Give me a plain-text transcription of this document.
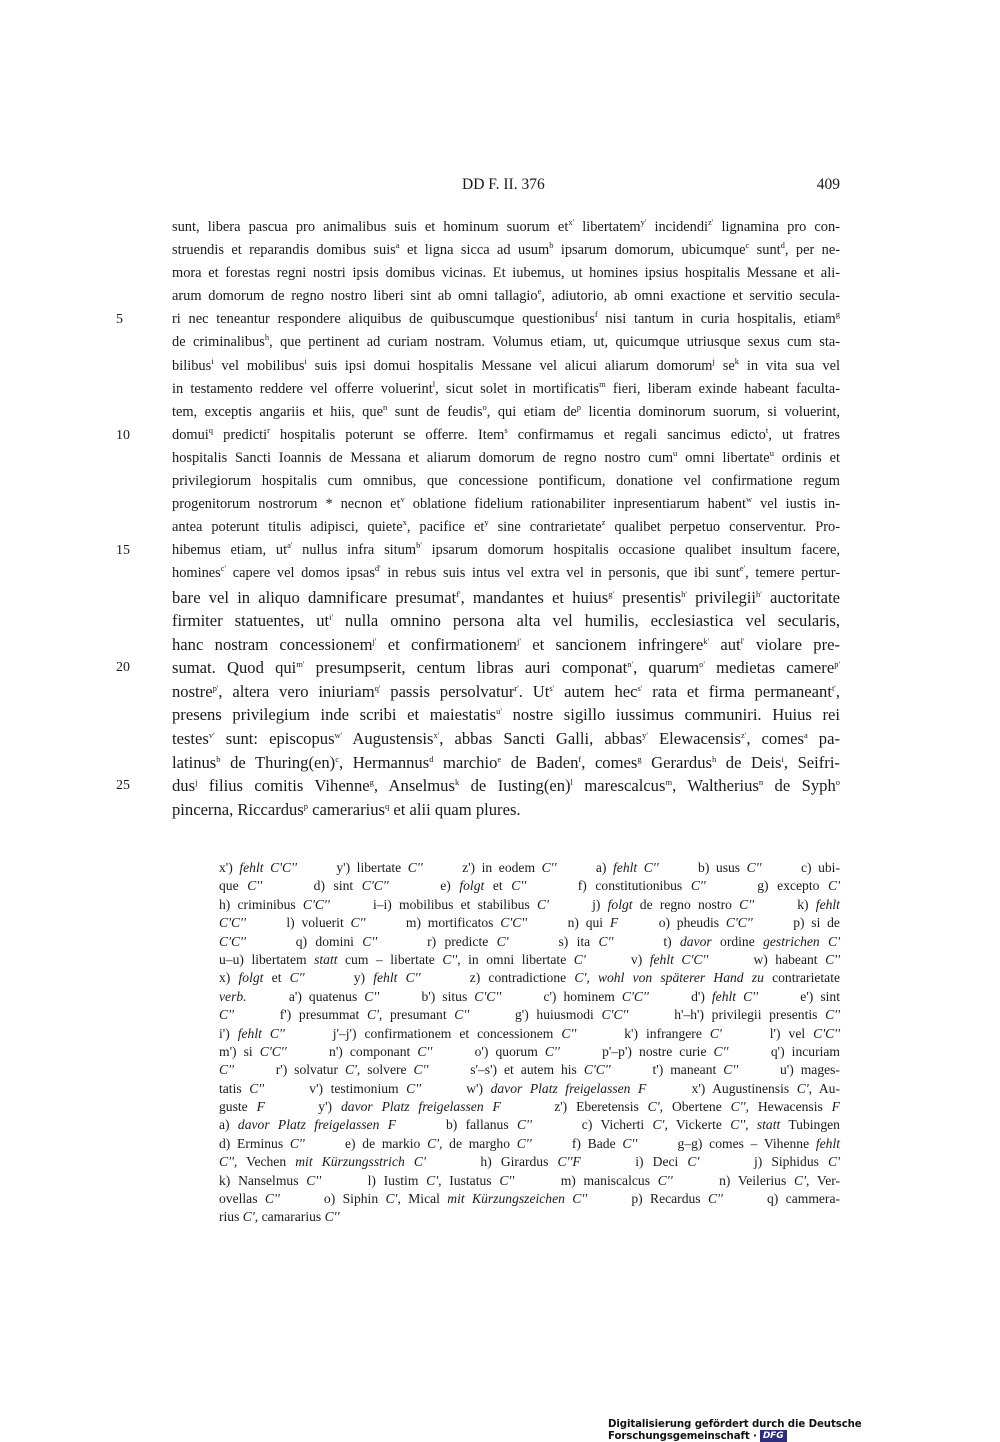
DD F. II. 376	409
sunt, libera pascua pro animalibus suis et hominum suorum $et^{x'}$ libertatem$^{y'}$ incidendi$^{z'}$ lignamina pro con-
struendis et reparandis domibus suis$^a$ et ligna sicca ad usum$^b$ ipsarum domorum, ubicumque$^c$ sunt$^d$, per ne-
mora et forestas regni nostri ipsis domibus vicinas. Et iubemus, ut homines ipsius hospitalis Messane et ali-
arum domorum de regno nostro liberi sint ab omni tallagio$^e$, adiutorio, ab omni exactione et servitio secula-
5	ri nec teneantur respondere aliquibus de quibuscumque questionibus$^f$ nisi tantum in curia hospitalis, etiam$^g$
de criminalibus$^h$, que pertinent ad curiam nostram. Volumus etiam, ut, quicumque utriusque sexus cum sta-
bilibus$^i$ vel mobilibus$^i$ suis ipsi domui hospitalis Messane vel alicui aliarum domorum$^j$ $se^k$ in vita sua vel
in testamento reddere vel offerre voluerint$^l$, sicut solet in mortificatis$^m$ fieri, liberam exinde habeant faculta-
tem, exceptis angariis et hiis, que$^n$ sunt de feudis$^o$, qui etiam $de^p$ licentia dominorum suorum, si voluerint,
10	domui$^q$ predicti$^r$ hospitalis poterunt se offerre. Item$^s$ confirmamus et regali sancimus edicto$^t$, ut fratres
hospitalis Sancti Ioannis de Messana et aliarum domorum de regno nostro cum$^u$ omni libertate$^u$ ordinis et
privilegiorum hospitalis cum omnibus, que concessione pontificum, donatione vel confirmatione regum
progenitorum nostrorum * necnon $et^v$ oblatione fidelium rationabiliter inpresentiarum habent$^w$ vel iustis in-
antea poterunt titulis adipisci, quiete$^x$, pacifice $et^y$ sine contrarietate$^z$ qualibet perpetuo conserventur. Pro-
15	hibemus etiam, $ut^{a'}$ nullus infra situm$^{b'}$ ipsarum domorum hospitalis occasione qualibet insultum facere,
homines$^{c'}$ capere vel domos ipsas$^{d'}$ in rebus suis intus vel extra vel in personis, que ibi sunt$^{e'}$, temere pertur-
bare vel in aliquo damnificare presumat$^{f'}$, mandantes et huius$^{g'}$ presentis$^{h'}$ privilegii$^{h'}$ auctoritate
firmiter statuentes, $ut^{i'}$ nulla omnino persona alta vel humilis, ecclesiastica vel secularis,
hanc nostram concessionem$^{j'}$ et confirmationem$^{j'}$ et sancionem infringere$^{k'}$ aut$^{l'}$ violare pre-
20	sumat. Quod qui$^{m'}$ presumpserit, centum libras auri componat$^{n'}$, quarum$^{o'}$ medietas camere$^{p'}$
nostre$^{p'}$, altera vero iniuriam$^{q'}$ passis persolvatur$^{r'}$. $Ut^{s'}$ autem hec$^{s'}$ rata et firma permaneant$^{t'}$,
presens privilegium inde scribi et maiestatis$^{u'}$ nostre sigillo iussimus communiri. Huius rei
testes$^{v'}$ sunt: episcopus$^{w'}$ Augustensis$^{x'}$, abbas Sancti Galli, abbas$^{y'}$ Elewacensis$^{z'}$, comes$^a$ pa-
latinus$^b$ de Thuring(en)$^c$, Hermannus$^d$ marchio$^e$ de Baden$^f$, comes$^g$ Gerardus$^h$ de Deis$^i$, Seifri-
25	dus$^j$ filius comitis Vihenne$^g$, Anselmus$^k$ de Iusting(en)$^l$ marescalcus$^m$, Waltherius$^n$ de Syph$^o$
pincerna, Riccardus$^p$ camerarius$^q$ et alii quam plures.
x') fehlt C'C''      y') libertate C''      z') in eodem C''      a) fehlt C''      b) usus C''      c) ubi-
que C''      d) sint C'C''      e) folgt et C''      f) constitutionibus C''      g) excepto C'
h) criminibus C'C''      i–i) mobilibus et stabilibus C'      j) folgt de regno nostro C''      k) fehlt
C'C''      l) voluerit C''      m) mortificatos C'C''      n) qui F      o) pheudis C'C''      p) si de
C'C''      q) domini C''      r) predicte C'      s) ita C''      t) davor ordine gestrichen C'
u–u) libertatem statt cum – libertate C'', in omni libertate C'      v) fehlt C'C''      w) habeant C''
x) folgt et C''      y) fehlt C''      z) contradictione C', wohl von späterer Hand zu contrarietate
verb.      a') quatenus C''      b') situs C'C''      c') hominem C'C''      d') fehlt C''      e') sint
C''      f') presummat C', presumant C''      g') huiusmodi C'C''      h'–h') privilegii presentis C''
i') fehlt C''      j'–j') confirmationem et concessionem C''      k') infrangere C'      l') vel C'C''
m') si C'C''      n') componant C''      o') quorum C''      p'–p') nostre curie C''      q') incuriam
C''      r') solvatur C', solvere C''      s'–s') et autem his C'C''      t') maneant C''      u') mages-
tatis C''      v') testimonium C''      w') davor Platz freigelassen F      x') Augustinensis C', Au-
guste F      y') davor Platz freigelassen F      z') Eberetensis C', Obertene C'', Hewacensis F
a) davor Platz freigelassen F      b) fallanus C''      c) Vicherti C', Vickerte C'', statt Tubingen
d) Erminus C''      e) de markio C', de margho C''      f) Bade C''      g–g) comes – Vihenne fehlt
C'', Vechen mit Kürzungsstrich C'      h) Girardus C''F      i) Deci C'      j) Siphidus C'
k) Nanselmus C''      l) Iustim C', Iustatus C''      m) maniscalcus C''      n) Veilerius C', Ver-
ovellas C''      o) Siphin C', Mical mit Kürzungszeichen C''      p) Recardus C''      q) cammera-
rius C', camararius C''
Digitalisierung gefördert durch die Deutsche Forschungsgemeinschaft · DFG
